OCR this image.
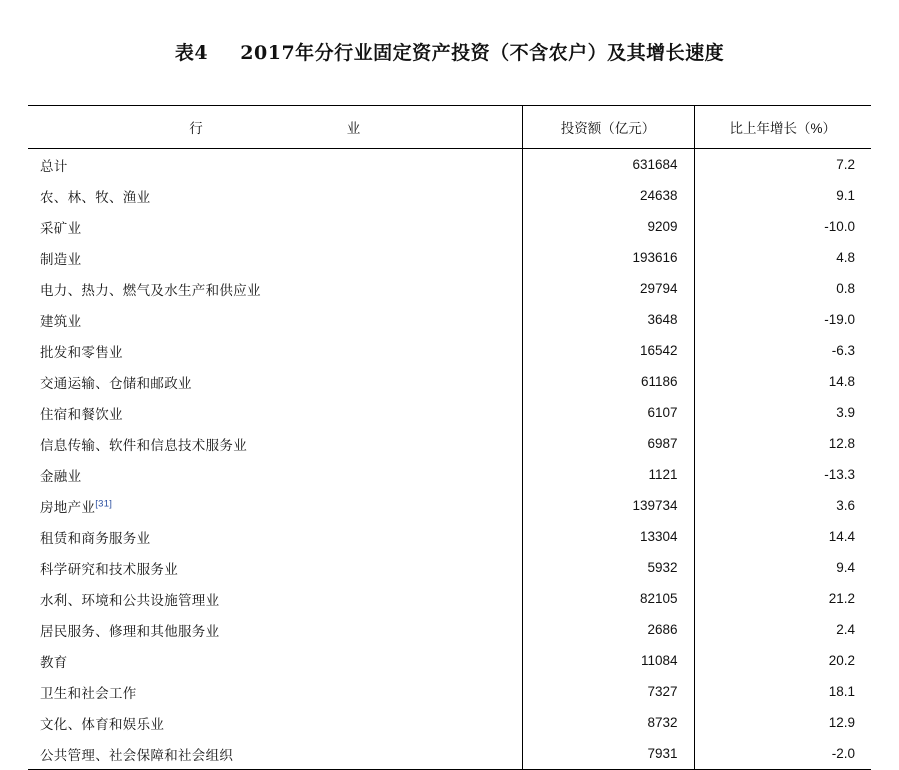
表4 2017年分行业固定资产投资（不含农户）及其增长速度
行　　　　业	投资额（亿元）	比上年增长（%）
总计	631684	7.2
农、林、牧、渔业	24638	9.1
采矿业	9209	-10.0
制造业	193616	4.8
电力、热力、燃气及水生产和供应业	29794	0.8
建筑业	3648	-19.0
批发和零售业	16542	-6.3
交通运输、仓储和邮政业	61186	14.8
住宿和餐饮业	6107	3.9
信息传输、软件和信息技术服务业	6987	12.8
金融业	1121	-13.3
房地产业[31]	139734	3.6
租赁和商务服务业	13304	14.4
科学研究和技术服务业	5932	9.4
水利、环境和公共设施管理业	82105	21.2
居民服务、修理和其他服务业	2686	2.4
教育	11084	20.2
卫生和社会工作	7327	18.1
文化、体育和娱乐业	8732	12.9
公共管理、社会保障和社会组织	7931	-2.0
